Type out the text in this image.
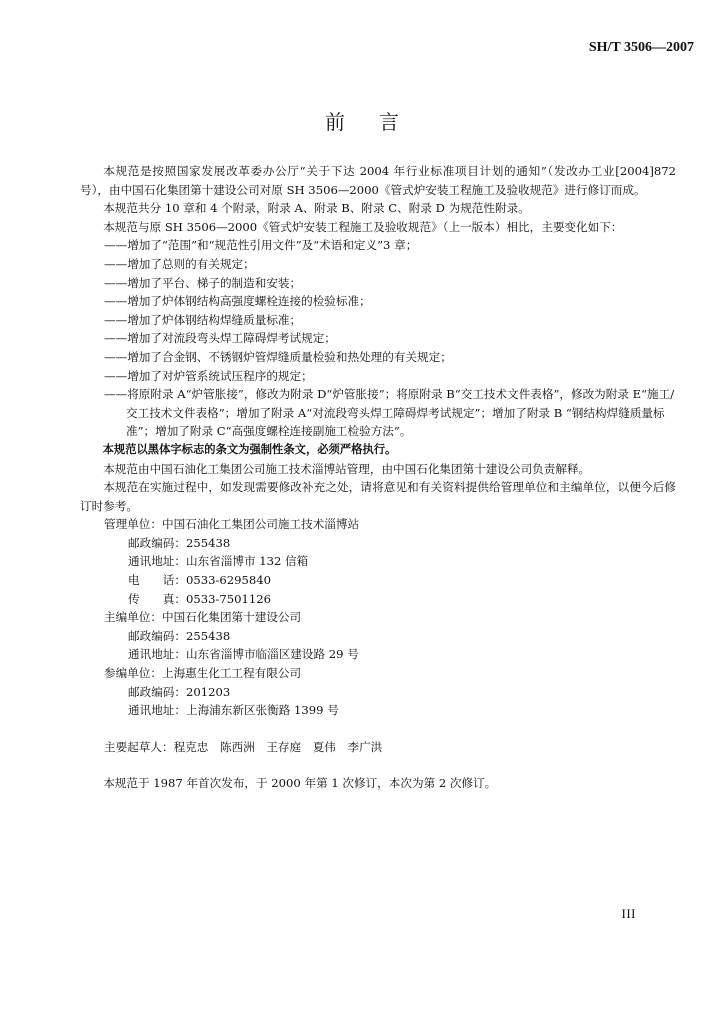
SH/T 3506—2007
前言

本规范是按照国家发展改革委办公厅“关于下达 2004 年行业标准项目计划的通知”（发改办工业[2004]872 号），由中国石化集团第十建设公司对原 SH 3506—2000《管式炉安装工程施工及验收规范》进行修订而成。

本规范共分 10 章和 4 个附录，附录 A、附录 B、附录 C、附录 D 为规范性附录。

本规范与原 SH 3506—2000《管式炉安装工程施工及验收规范》（上一版本）相比，主要变化如下：

——增加了“范围”和“规范性引用文件”及“术语和定义”3 章；

——增加了总则的有关规定；

——增加了平台、梯子的制造和安装；

——增加了炉体钢结构高强度螺栓连接的检验标准；

——增加了炉体钢结构焊缝质量标准；

——增加了对流段弯头焊工障碍焊考试规定；

——增加了合金钢、不锈钢炉管焊缝质量检验和热处理的有关规定；

——增加了对炉管系统试压程序的规定；

——将原附录 A“炉管胀接”，修改为附录 D“炉管胀接”；将原附录 B“交工技术文件表格”，修改为附录 E“施工/交工技术文件表格”；增加了附录 A“对流段弯头焊工障碍焊考试规定”；增加了附录 B “钢结构焊缝质量标准”；增加了附录 C“高强度螺栓连接副施工检验方法”。

本规范以黑体字标志的条文为强制性条文，必须严格执行。

本规范由中国石油化工集团公司施工技术淄博站管理，由中国石化集团第十建设公司负责解释。

本规范在实施过程中，如发现需要修改补充之处，请将意见和有关资料提供给管理单位和主编单位，以便今后修订时参考。

管理单位：中国石油化工集团公司施工技术淄博站

邮政编码：255438

通讯地址：山东省淄博市 132 信箱

电　　话：0533-6295840

传　　真：0533-7501126

主编单位：中国石化集团第十建设公司

邮政编码：255438

通讯地址：山东省淄博市临淄区建设路 29 号

参编单位：上海惠生化工工程有限公司

邮政编码：201203

通讯地址：上海浦东新区张衡路 1399 号

主要起草人：程克忠　陈西洲　王存庭　夏伟　李广洪

本规范于 1987 年首次发布，于 2000 年第 1 次修订，本次为第 2 次修订。

III
